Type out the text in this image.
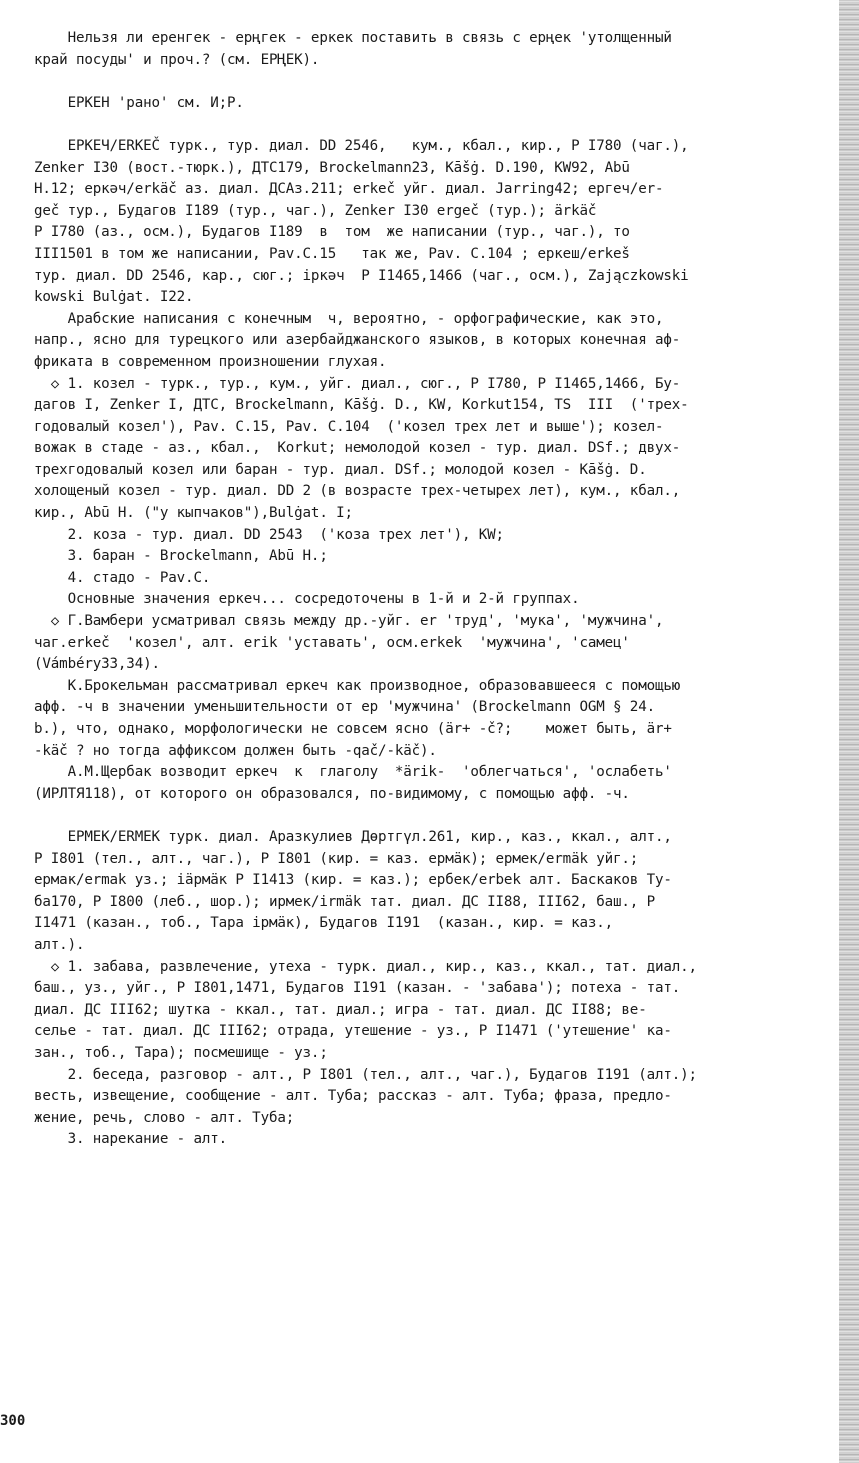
Нельзя ли еренгек - ерңгек - еркек поставить в связь с ерңек 'утолщенный
край посуды' и проч.? (см. ЕРҢЕК).
ЕРКЕН 'рано' см. И;Р.
ЕРКЕЧ/ЕRКЕČ турк., тур. диал. DD 2546,   кум., кбал., кир., Р I780 (чаг.),
Zenker I30 (вост.-тюрк.), ДТС179, Brockelmann23, Kāšġ. D.190, KW92, Abū
Н.12; еркәч/erkäč аз. диал. ДСАз.211; erkeč уйг. диал. Jarring42; ергеч/er-
geč тур., Будагов I189 (тур., чаг.), Zenker I30 ergeč (тур.); ärkäč
Р I780 (аз., осм.), Будагов I189  в  том  же написании (тур., чаг.), то
III1501 в том же написании, Pav.C.15   так же, Pav. C.104 ; еркеш/erkeš
тур. диал. DD 2546, кар., сюг.; іркәч  P I1465,1466 (чаг., осм.), Zajączkowski
kowski Bulġat. I22.
Арабские написания с конечным  ч, вероятно, - орфографические, как это,
напр., ясно для турецкого или азербайджанского языков, в которых конечная аф-
фриката в современном произношении глухая.
◇ 1. козел - турк., тур., кум., уйг. диал., сюг., Р I780, Р I1465,1466, Бу-
дагов I, Zenker I, ДТС, Brockelmann, Kāšġ. D., KW, Korkut154, TS  III  ('трех-
годовалый козел'), Pav. C.15, Pav. C.104  ('козел трех лет и выше'); козел-
вожак в стаде - аз., кбал.,  Korkut; немолодой козел - тур. диал. DSf.; двух-
трехгодовалый козел или баран - тур. диал. DSf.; молодой козел - Kāšġ. D.
холощеный козел - тур. диал. DD 2 (в возрасте трех-четырех лет), кум., кбал.,
кир., Abū H. ("у кыпчаков"),Bulġat. I;
2. коза - тур. диал. DD 2543  ('коза трех лет'), KW;
3. баран - Brockelmann, Abū H.;
4. стадо - Pav.C.
Основные значения еркеч... сосредоточены в 1-й и 2-й группах.
◇ Г.Вамбери усматривал связь между др.-уйг. er 'труд', 'мука', 'мужчина',
чаг.erkeč  'козел', алт. erik 'уставать', осм.erkek  'мужчина', 'самец'
(Vámbéry33,34).
К.Брокельман рассматривал еркеч как производное, образовавшееся с помощью
афф. -ч в значении уменьшительности от ер 'мужчина' (Brockelmann OGM § 24.
b.), что, однако, морфологически не совсем ясно (är+ -č?;    может быть, är+
-käč ? но тогда аффиксом должен быть -qač/-käč).
А.М.Щербак возводит еркеч  к  глаголу  *ärik-  'облегчаться', 'ослабеть'
(ИРЛТЯ118), от которого он образовался, по-видимому, с помощью афф. -ч.
ЕРМЕК/ERMEK турк. диал. Аразкулиев Дөртгүл.261, кир., каз., ккал., алт.,
Р I801 (тел., алт., чаг.), Р I801 (кир. = каз. ермäк); ермек/ermäk уйг.;
ермак/ermak уз.; іӓрмäк Р I1413 (кир. = каз.); ербек/erbek алт. Баскаков Ту-
ба170, Р I800 (леб., шор.); ирмек/irmäk тат. диал. ДС II88, III62, баш., Р
I1471 (казан., тоб., Тара ірмäк), Будагов I191  (казан., кир. = каз.,
алт.).
◇ 1. забава, развлечение, утеха - турк. диал., кир., каз., ккал., тат. диал.,
баш., уз., уйг., Р I801,1471, Будагов I191 (казан. - 'забава'); потеха - тат.
диал. ДС III62; шутка - ккал., тат. диал.; игра - тат. диал. ДС II88; ве-
селье - тат. диал. ДС III62; отрада, утешение - уз., Р I1471 ('утешение' ка-
зан., тоб., Тара); посмешище - уз.;
2. беседа, разговор - алт., Р I801 (тел., алт., чаг.), Будагов I191 (алт.);
весть, извещение, сообщение - алт. Туба; рассказ - алт. Туба; фраза, предло-
жение, речь, слово - алт. Туба;
3. нарекание - алт.
300
